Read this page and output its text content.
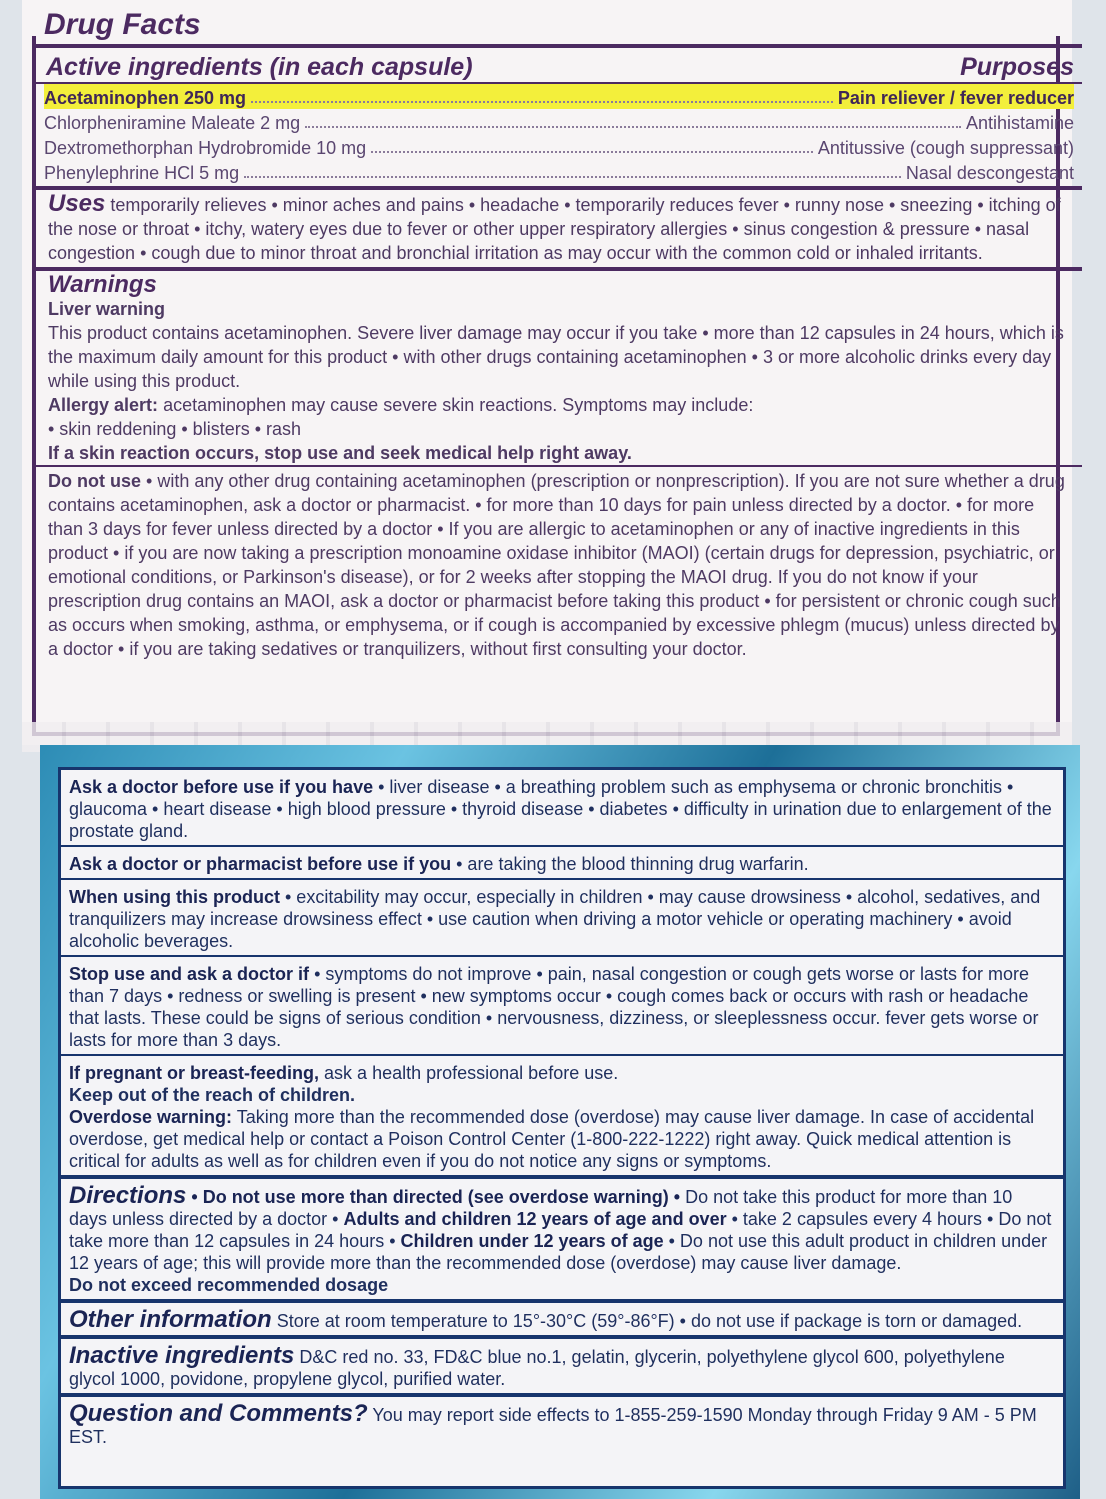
Drug Facts
Active ingredients (in each capsule)	Purposes
Acetaminophen 250 mg	Pain reliever / fever reducer
Chlorpheniramine Maleate 2 mg	Antihistamine
Dextromethorphan Hydrobromide 10 mg	Antitussive (cough suppressant)
Phenylephrine HCl 5 mg	Nasal descongestant
Uses temporarily relieves • minor aches and pains • headache • temporarily reduces fever • runny nose • sneezing • itching of the nose or throat • itchy, watery eyes due to fever or other upper respiratory allergies • sinus congestion & pressure • nasal congestion • cough due to minor throat and bronchial irritation as may occur with the common cold or inhaled irritants.
Warnings
Liver warning
This product contains acetaminophen. Severe liver damage may occur if you take • more than 12 capsules in 24 hours, which is the maximum daily amount for this product • with other drugs containing acetaminophen • 3 or more alcoholic drinks every day while using this product.
Allergy alert: acetaminophen may cause severe skin reactions. Symptoms may include:
• skin reddening • blisters • rash
If a skin reaction occurs, stop use and seek medical help right away.
Do not use • with any other drug containing acetaminophen (prescription or nonprescription). If you are not sure whether a drug contains acetaminophen, ask a doctor or pharmacist. • for more than 10 days for pain unless directed by a doctor. • for more than 3 days for fever unless directed by a doctor • If you are allergic to acetaminophen or any of inactive ingredients in this product • if you are now taking a prescription monoamine oxidase inhibitor (MAOI) (certain drugs for depression, psychiatric, or emotional conditions, or Parkinson's disease), or for 2 weeks after stopping the MAOI drug. If you do not know if your prescription drug contains an MAOI, ask a doctor or pharmacist before taking this product • for persistent or chronic cough such as occurs when smoking, asthma, or emphysema, or if cough is accompanied by excessive phlegm (mucus) unless directed by a doctor • if you are taking sedatives or tranquilizers, without first consulting your doctor.
Ask a doctor before use if you have • liver disease • a breathing problem such as emphysema or chronic bronchitis • glaucoma • heart disease • high blood pressure • thyroid disease • diabetes • difficulty in urination due to enlargement of the prostate gland.
Ask a doctor or pharmacist before use if you • are taking the blood thinning drug warfarin.
When using this product • excitability may occur, especially in children • may cause drowsiness • alcohol, sedatives, and tranquilizers may increase drowsiness effect • use caution when driving a motor vehicle or operating machinery • avoid alcoholic beverages.
Stop use and ask a doctor if • symptoms do not improve • pain, nasal congestion or cough gets worse or lasts for more than 7 days • redness or swelling is present • new symptoms occur • cough comes back or occurs with rash or headache that lasts. These could be signs of serious condition • nervousness, dizziness, or sleeplessness occur. fever gets worse or lasts for more than 3 days.
If pregnant or breast-feeding, ask a health professional before use.
Keep out of the reach of children.
Overdose warning: Taking more than the recommended dose (overdose) may cause liver damage. In case of accidental overdose, get medical help or contact a Poison Control Center (1-800-222-1222) right away. Quick medical attention is critical for adults as well as for children even if you do not notice any signs or symptoms.
Directions • Do not use more than directed (see overdose warning) • Do not take this product for more than 10 days unless directed by a doctor • Adults and children 12 years of age and over • take 2 capsules every 4 hours • Do not take more than 12 capsules in 24 hours • Children under 12 years of age • Do not use this adult product in children under 12 years of age; this will provide more than the recommended dose (overdose) may cause liver damage.
Do not exceed recommended dosage
Other information Store at room temperature to 15°-30°C (59°-86°F) • do not use if package is torn or damaged.
Inactive ingredients D&C red no. 33, FD&C blue no.1, gelatin, glycerin, polyethylene glycol 600, polyethylene glycol 1000, povidone, propylene glycol, purified water.
Question and Comments? You may report side effects to 1-855-259-1590 Monday through Friday 9 AM - 5 PM EST.
